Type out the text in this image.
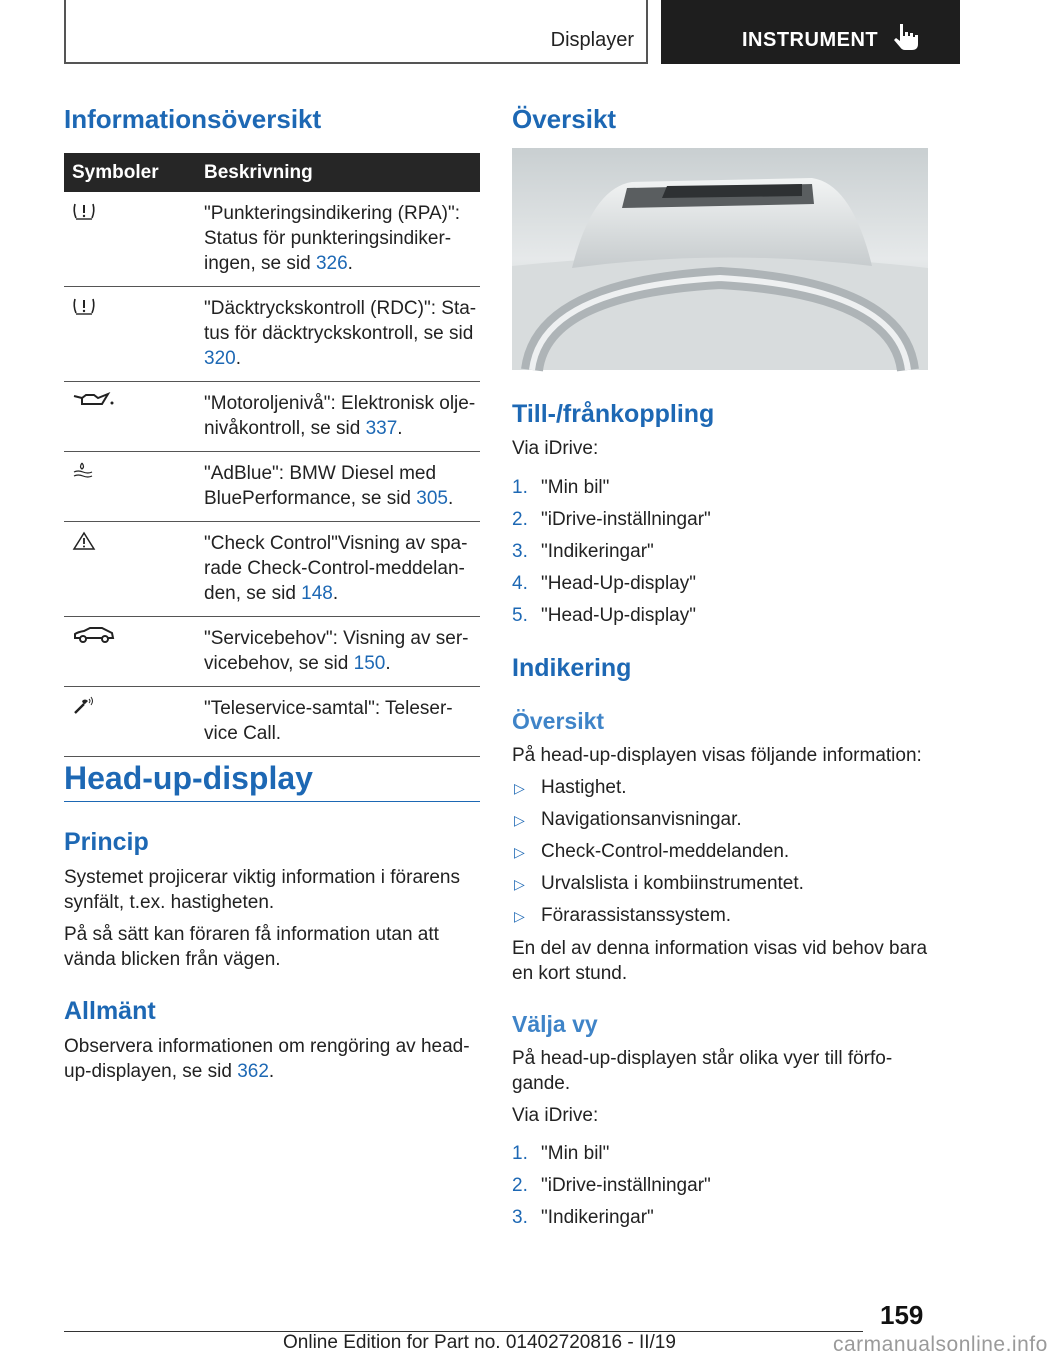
Displayer	INSTRUMENT
Informationsöversikt
Symboler	Beskrivning
	"Punkteringsindikering (RPA)": Status för punkteringsindiker-ingen, se sid 326.
	"Däcktryckskontroll (RDC)": Sta-tus för däcktryckskontroll, se sid 320.
	"Motoroljenivå": Elektronisk olje-nivåkontroll, se sid 337.
	"AdBlue": BMW Diesel med BluePerformance, se sid 305.
	"Check Control"Visning av spa-rade Check-Control-meddelan-den, se sid 148.
	"Servicebehov": Visning av ser-vicebehov, se sid 150.
	"Teleservice-samtal": Teleser-vice Call.
Head-up-display
Princip

Systemet projicerar viktig information i förarens synfält, t.ex. hastigheten.

På så sätt kan föraren få information utan att vända blicken från vägen.

Allmänt

Observera informationen om rengöring av head-up-displayen, se sid 362.

Översikt
Till-/frånkoppling

Via iDrive:

1. "Min bil"
2. "iDrive-inställningar"
3. "Indikeringar"
4. "Head-Up-display"
5. "Head-Up-display"
Indikering
Översikt

På head-up-displayen visas följande information:

▷ Hastighet.
▷ Navigationsanvisningar.
▷ Check-Control-meddelanden.
▷ Urvalslista i kombiinstrumentet.
▷ Förarassistanssystem.

En del av denna information visas vid behov bara en kort stund.

Välja vy

På head-up-displayen står olika vyer till förfo-gande.

Via iDrive:

1. "Min bil"
2. "iDrive-inställningar"
3. "Indikeringar"
159
Online Edition for Part no. 01402720816 - II/19	carmanualsonline.info
